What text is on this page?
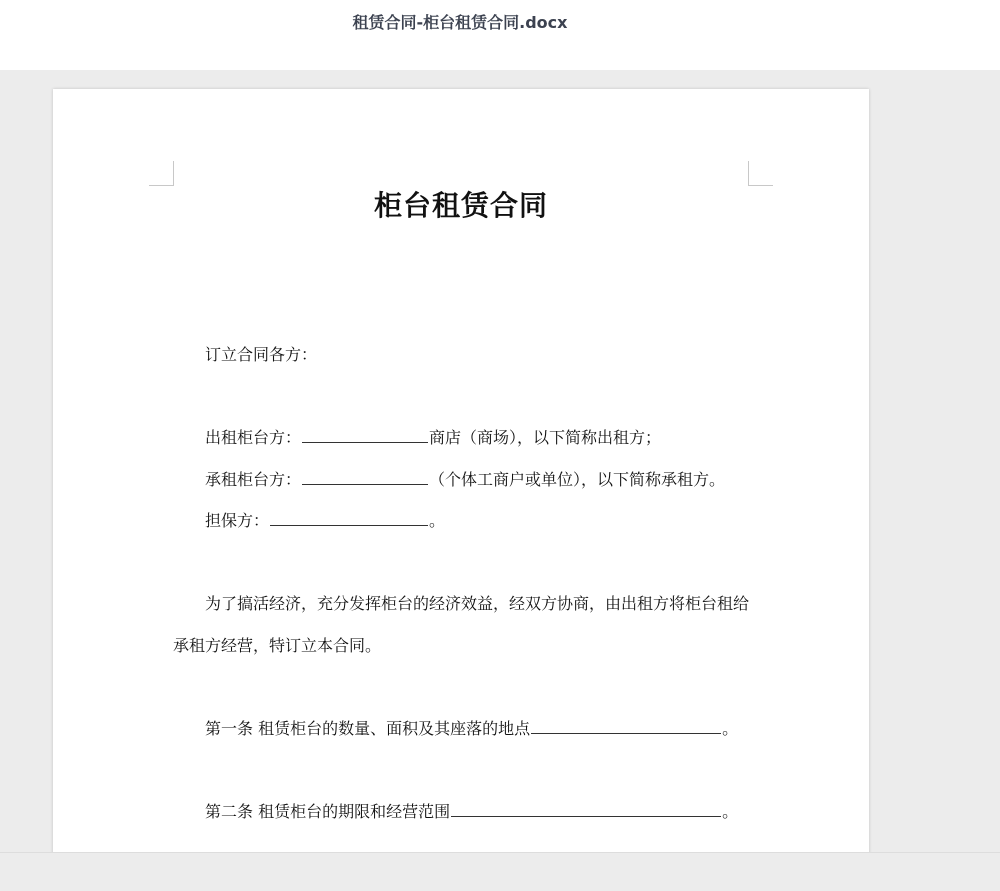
租赁合同-柜台租赁合同.docx
柜台租赁合同
订立合同各方：
出租柜台方：	商店（商场），以下简称出租方；
承租柜台方：	（个体工商户或单位），以下简称承租方。
担保方：	。
为了搞活经济，充分发挥柜台的经济效益，经双方协商，由出租方将柜台租给
承租方经营，特订立本合同。
第一条 租赁柜台的数量、面积及其座落的地点	。
第二条 租赁柜台的期限和经营范围	。
